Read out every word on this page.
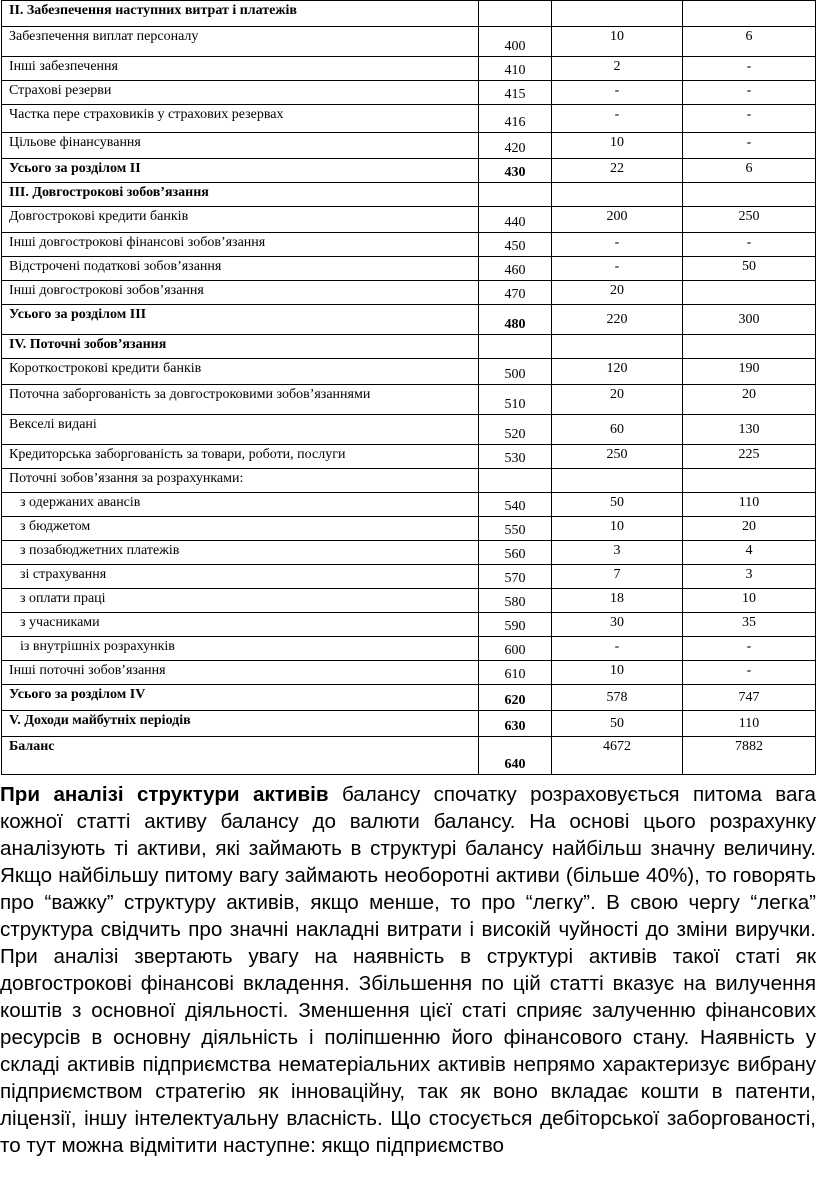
ІІ. Забезпечення наступних витрат і платежів			
Забезпечення виплат персоналу	400	10	6
Інші забезпечення	410	2	-
Страхові резерви	415	-	-
Частка пере страховиків у страхових резервах	416	-	-
Цільове фінансування	420	10	-
Усього за розділом ІІ	430	22	6
ІІІ. Довгострокові зобов’язання			
Довгострокові кредити банків	440	200	250
Інші довгострокові фінансові зобов’язання	450	-	-
Відстрочені податкові зобов’язання	460	-	50
Інші довгострокові зобов’язання	470	20	
Усього за розділом ІІІ	480	220	300
IV. Поточні зобов’язання			
Короткострокові кредити банків	500	120	190
Поточна заборгованість за довгостроковими зобов’язаннями	510	20	20
Векселі видані	520	60	130
Кредиторська заборгованість за товари, роботи, послуги	530	250	225
Поточні зобов’язання за розрахунками:			
з одержаних авансів	540	50	110
з бюджетом	550	10	20
з позабюджетних платежів	560	3	4
зі страхування	570	7	3
з оплати праці	580	18	10
з учасниками	590	30	35
із внутрішніх розрахунків	600	-	-
Інші поточні зобов’язання	610	10	-
Усього за розділом IV	620	578	747
V. Доходи майбутніх періодів	630	50	110
Баланс	640	4672	7882
При аналізі структури активів балансу спочатку розраховується питома вага кожної статті активу балансу до валюти балансу. На основі цього розрахунку аналізують ті активи, які займають в структурі балансу найбільш значну величину. Якщо найбільшу питому вагу займають необоротні активи (більше 40%), то говорять про “важку” структуру активів, якщо менше, то про “легку”. В свою чергу “легка” структура свідчить про значні накладні витрати і високій чуйності до зміни виручки. При аналізі звертають увагу на наявність в структурі активів такої статі як довгострокові фінансові вкладення. Збільшення по цій статті вказує на вилучення коштів з основної діяльності. Зменшення цієї статі сприяє залученню фінансових ресурсів в основну діяльність і поліпшенню його фінансового стану. Наявність у складі активів підприємства нематеріальних активів непрямо характеризує вибрану підприємством стратегію як інноваційну, так як воно вкладає кошти в патенти, ліцензії, іншу інтелектуальну власність. Що стосується дебіторської заборгованості, то тут можна відмітити наступне: якщо підприємство
